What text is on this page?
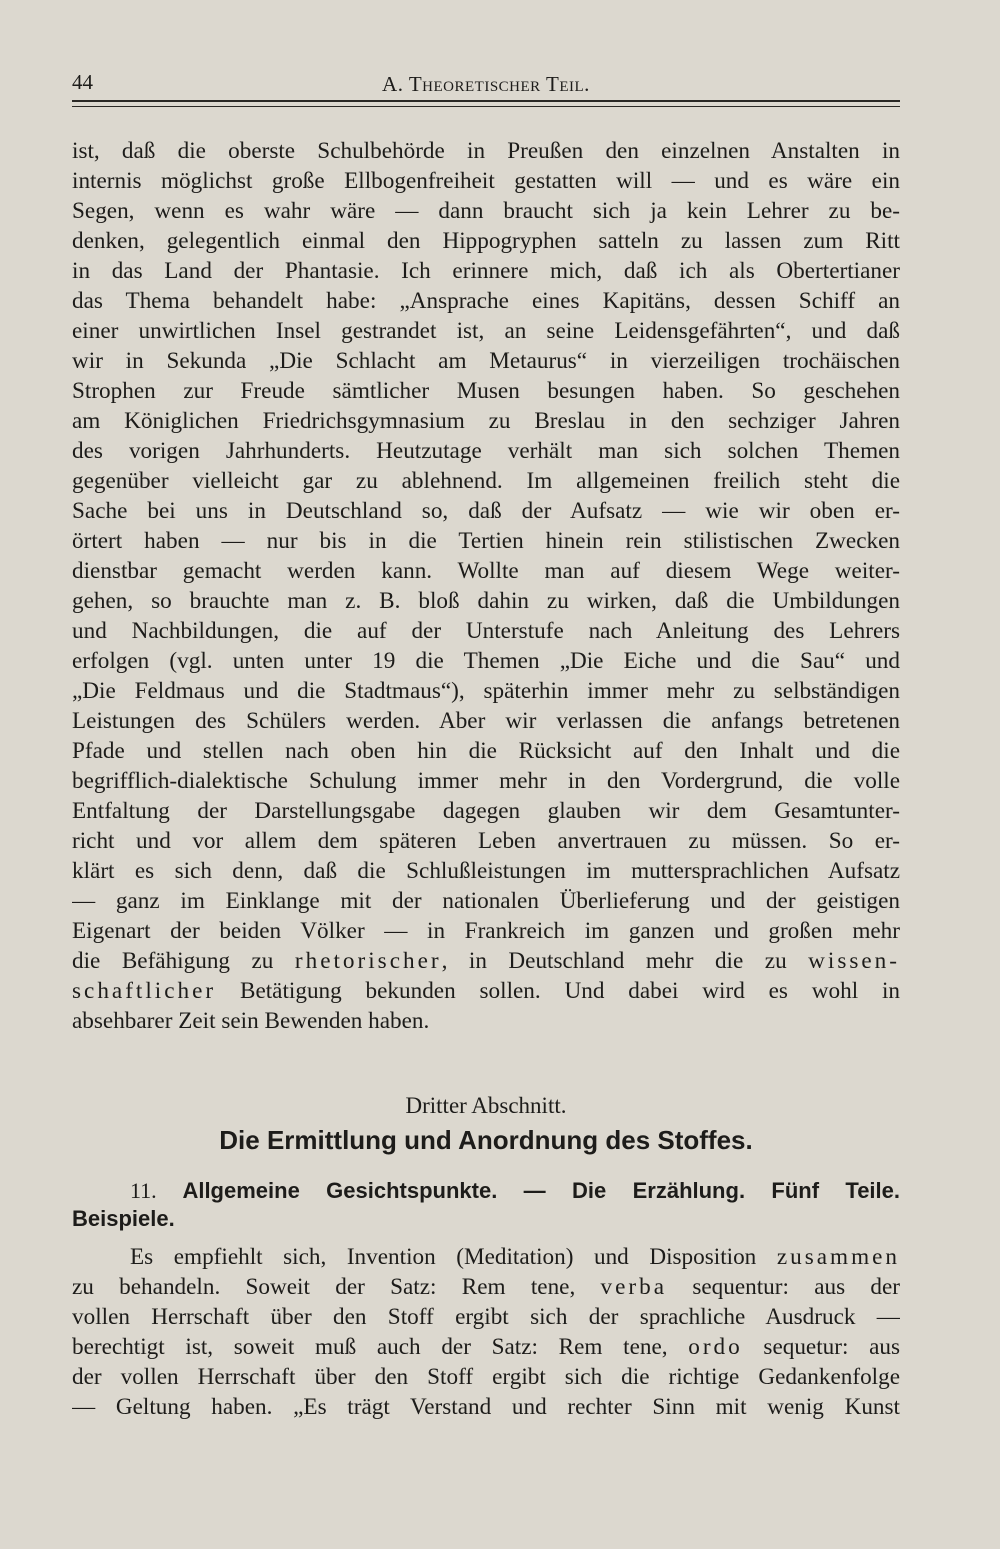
44	A. Theoretischer Teil.
ist, daß die oberste Schulbehörde in Preußen den einzelnen Anstalten in
internis möglichst große Ellbogenfreiheit gestatten will — und es wäre ein
Segen, wenn es wahr wäre — dann braucht sich ja kein Lehrer zu be-
denken, gelegentlich einmal den Hippogryphen satteln zu lassen zum Ritt
in das Land der Phantasie. Ich erinnere mich, daß ich als Obertertianer
das Thema behandelt habe: „Ansprache eines Kapitäns, dessen Schiff an
einer unwirtlichen Insel gestrandet ist, an seine Leidensgefährten“, und daß
wir in Sekunda „Die Schlacht am Metaurus“ in vierzeiligen trochäischen
Strophen zur Freude sämtlicher Musen besungen haben. So geschehen
am Königlichen Friedrichsgymnasium zu Breslau in den sechziger Jahren
des vorigen Jahrhunderts. Heutzutage verhält man sich solchen Themen
gegenüber vielleicht gar zu ablehnend. Im allgemeinen freilich steht die
Sache bei uns in Deutschland so, daß der Aufsatz — wie wir oben er-
örtert haben — nur bis in die Tertien hinein rein stilistischen Zwecken
dienstbar gemacht werden kann. Wollte man auf diesem Wege weiter-
gehen, so brauchte man z. B. bloß dahin zu wirken, daß die Umbildungen
und Nachbildungen, die auf der Unterstufe nach Anleitung des Lehrers
erfolgen (vgl. unten unter 19 die Themen „Die Eiche und die Sau“ und
„Die Feldmaus und die Stadtmaus“), späterhin immer mehr zu selbständigen
Leistungen des Schülers werden. Aber wir verlassen die anfangs betretenen
Pfade und stellen nach oben hin die Rücksicht auf den Inhalt und die
begrifflich-dialektische Schulung immer mehr in den Vordergrund, die volle
Entfaltung der Darstellungsgabe dagegen glauben wir dem Gesamtunter-
richt und vor allem dem späteren Leben anvertrauen zu müssen. So er-
klärt es sich denn, daß die Schlußleistungen im muttersprachlichen Aufsatz
— ganz im Einklange mit der nationalen Überlieferung und der geistigen
Eigenart der beiden Völker — in Frankreich im ganzen und großen mehr
die Befähigung zu rhetorischer, in Deutschland mehr die zu wissen-
schaftlicher Betätigung bekunden sollen. Und dabei wird es wohl in
absehbarer Zeit sein Bewenden haben.
Dritter Abschnitt.
Die Ermittlung und Anordnung des Stoffes.
11. Allgemeine Gesichtspunkte. — Die Erzählung. Fünf Teile.
Beispiele.
Es empfiehlt sich, Invention (Meditation) und Disposition zusammen
zu behandeln. Soweit der Satz: Rem tene, verba sequentur: aus der
vollen Herrschaft über den Stoff ergibt sich der sprachliche Ausdruck —
berechtigt ist, soweit muß auch der Satz: Rem tene, ordo sequetur: aus
der vollen Herrschaft über den Stoff ergibt sich die richtige Gedankenfolge
— Geltung haben. „Es trägt Verstand und rechter Sinn mit wenig Kunst
